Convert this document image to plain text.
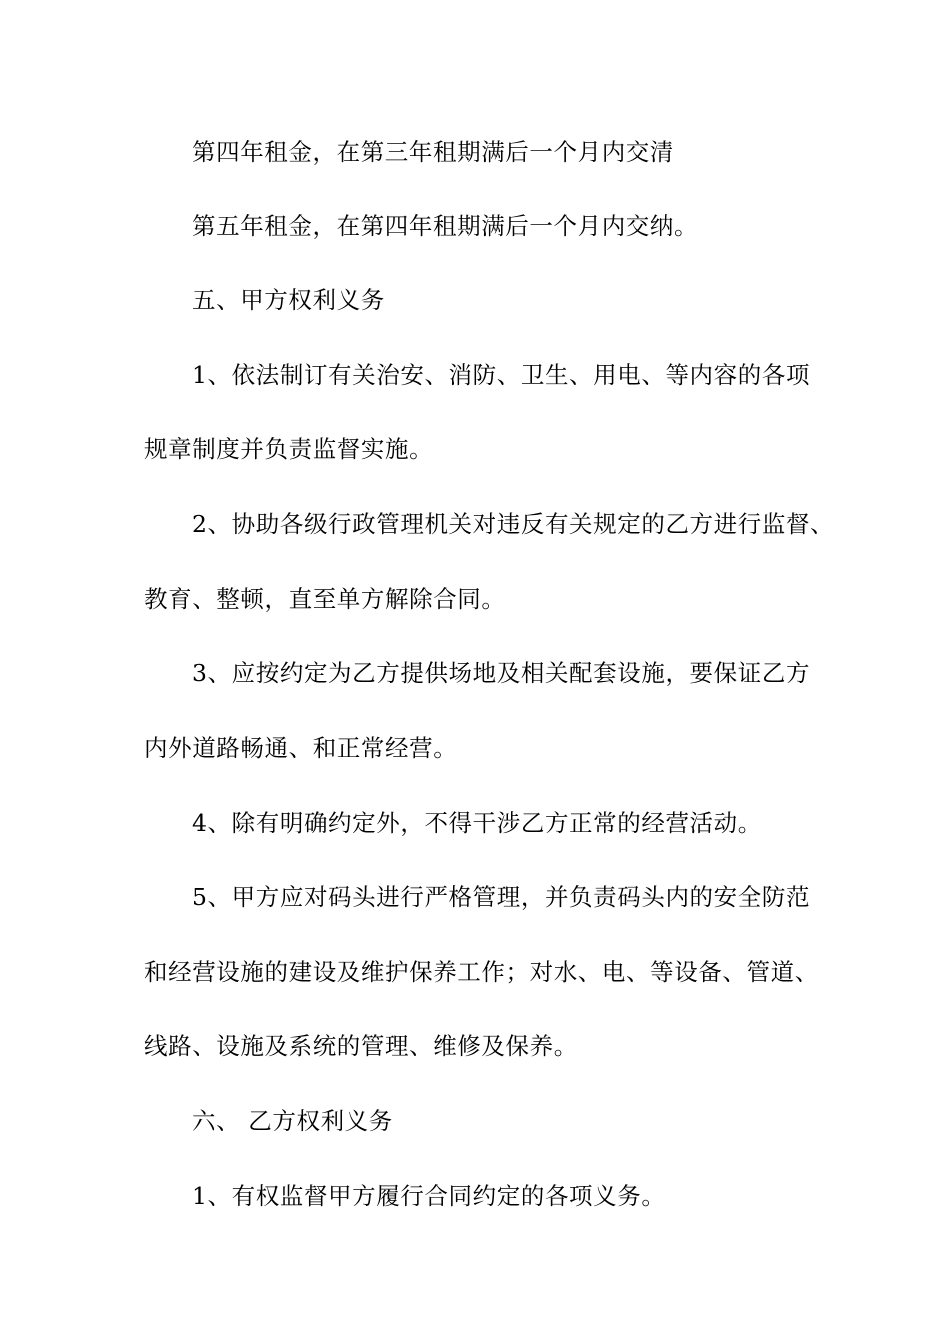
第四年租金，在第三年租期满后一个月内交清
第五年租金，在第四年租期满后一个月内交纳。
五、甲方权利义务
1、依法制订有关治安、消防、卫生、用电、等内容的各项
规章制度并负责监督实施。
2、协助各级行政管理机关对违反有关规定的乙方进行监督、
教育、整顿，直至单方解除合同。
3、应按约定为乙方提供场地及相关配套设施，要保证乙方
内外道路畅通、和正常经营。
4、除有明确约定外，不得干涉乙方正常的经营活动。
5、甲方应对码头进行严格管理，并负责码头内的安全防范
和经营设施的建设及维护保养工作；对水、电、等设备、管道、
线路、设施及系统的管理、维修及保养。
六、 乙方权利义务
1、有权监督甲方履行合同约定的各项义务。
